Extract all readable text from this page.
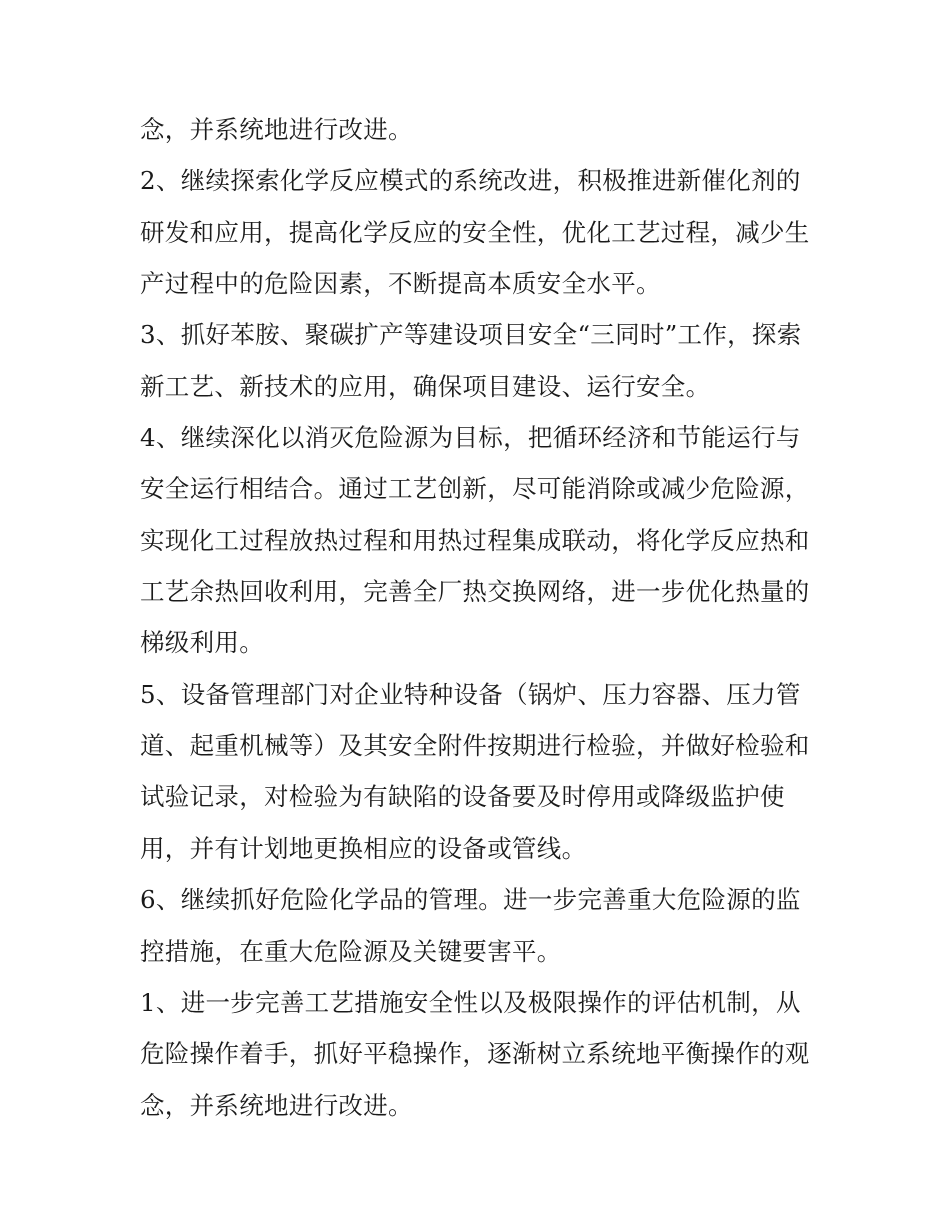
念，并系统地进行改进。
2、继续探索化学反应模式的系统改进，积极推进新催化剂的
研发和应用，提高化学反应的安全性，优化工艺过程，减少生
产过程中的危险因素，不断提高本质安全水平。
3、抓好苯胺、聚碳扩产等建设项目安全“三同时”工作，探索
新工艺、新技术的应用，确保项目建设、运行安全。
4、继续深化以消灭危险源为目标，把循环经济和节能运行与
安全运行相结合。通过工艺创新，尽可能消除或减少危险源，
实现化工过程放热过程和用热过程集成联动，将化学反应热和
工艺余热回收利用，完善全厂热交换网络，进一步优化热量的
梯级利用。
5、设备管理部门对企业特种设备（锅炉、压力容器、压力管
道、起重机械等）及其安全附件按期进行检验，并做好检验和
试验记录，对检验为有缺陷的设备要及时停用或降级监护使
用，并有计划地更换相应的设备或管线。
6、继续抓好危险化学品的管理。进一步完善重大危险源的监
控措施，在重大危险源及关键要害平。
1、进一步完善工艺措施安全性以及极限操作的评估机制，从
危险操作着手，抓好平稳操作，逐渐树立系统地平衡操作的观
念，并系统地进行改进。
